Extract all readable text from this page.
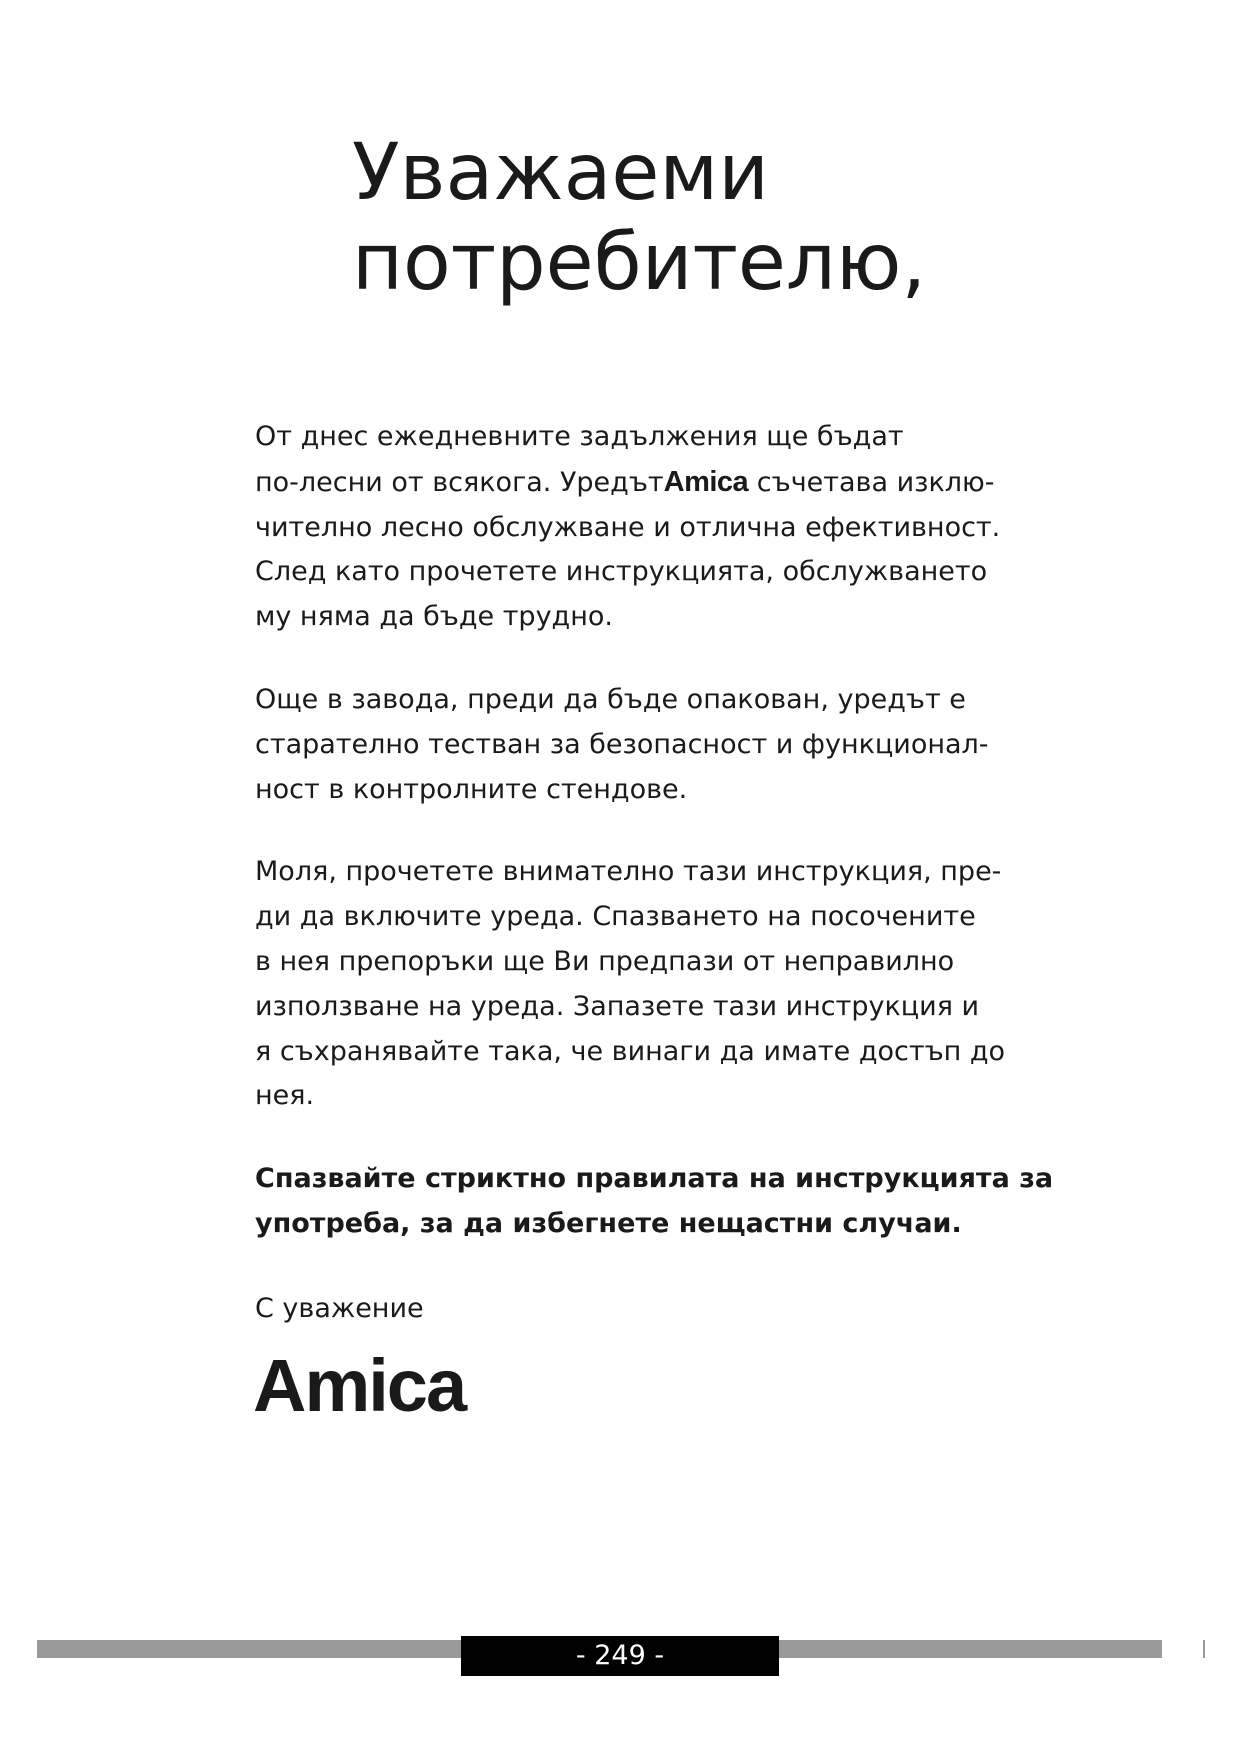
Уважаеми
потребителю,

От днес ежедневните задължения ще бъдат
по-лесни от всякога. УредътAmica съчетава изклю-
чително лесно обслужване и отлична ефективност.
След като прочетете инструкцията, обслужването
му няма да бъде трудно.

Още в завода, преди да бъде опакован, уредът е
старателно тестван за безопасност и функционал-
ност в контролните стендове.

Моля, прочетете внимателно тази инструкция, пре-
ди да включите уреда. Спазването на посочените
в нея препоръки ще Ви предпази от неправилно
използване на уреда. Запазете тази инструкция и
я съхранявайте така, че винаги да имате достъп до
нея.

Спазвайте стриктно правилата на инструкцията за
употреба, за да избегнете нещастни случаи.

С уважение

Amica
- 249 -
